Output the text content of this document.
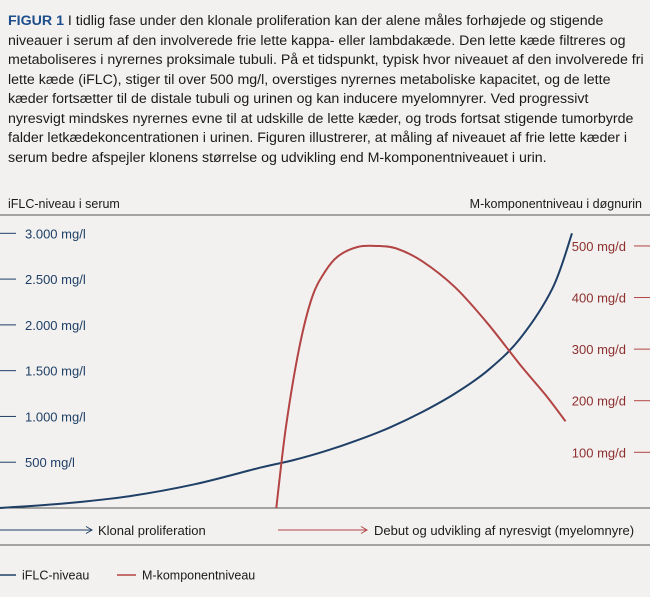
FIGUR 1 I tidlig fase under den klonale proliferation kan der alene måles forhøjede og stigende niveauer i serum af den involverede frie lette kappa- eller lambdakæde. Den lette kæde filtreres og metaboliseres i nyrernes proksimale tubuli. På et tidspunkt, typisk hvor niveauet af den involverede fri lette kæde (iFLC), stiger til over 500 mg/l, overstiges nyrernes metaboliske kapacitet, og de lette kæder fortsætter til de distale tubuli og urinen og kan inducere myelomnyrer. Ved progressivt nyresvigt mindskes nyrernes evne til at udskille de lette kæder, og trods fortsat stigende tumorbyrde falder letkædekoncentrationen i urinen. Figuren illustrerer, at måling af niveauet af frie lette kæder i serum bedre afspejler klonens størrelse og udvikling end M-komponentniveauet i urin.
iFLC-niveau i serum	M-komponentniveau i døgnurin
500 mg/l
1.000 mg/l
1.500 mg/l
2.000 mg/l
2.500 mg/l
3.000 mg/l
100 mg/d
200 mg/d
300 mg/d
400 mg/d
500 mg/d
Klonal proliferation	Debut og udvikling af nyresvigt (myelomnyre)
iFLC-niveau	M-komponentniveau
